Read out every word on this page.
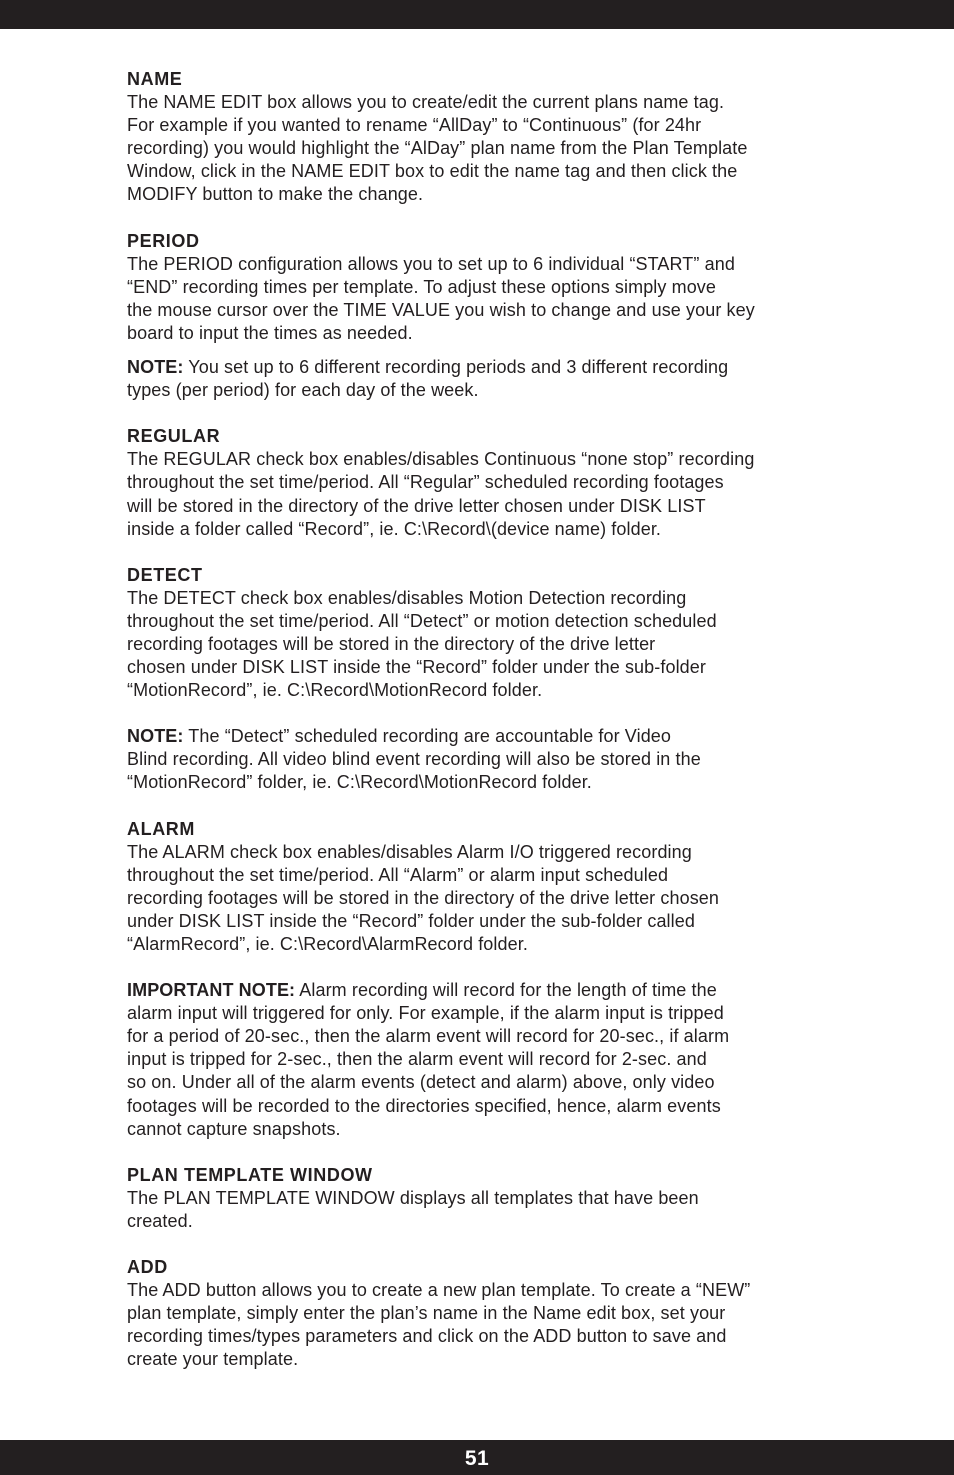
NAME
The NAME EDIT box allows you to create/edit the current plans name tag.
For example if you wanted to rename “AllDay” to “Continuous” (for 24hr
recording) you would highlight the “AlDay” plan name from the Plan Template
Window, click in the NAME EDIT box to edit the name tag and then click the
MODIFY button to make the change.
PERIOD
The PERIOD configuration allows you to set up to 6 individual “START” and
“END” recording times per template. To adjust these options simply move
the mouse cursor over the TIME VALUE you wish to change and use your key
board to input the times as needed.
NOTE: You set up to 6 different recording periods and 3 different recording
types (per period) for each day of the week.
REGULAR
The REGULAR check box enables/disables Continuous “none stop” recording
throughout the set time/period. All “Regular” scheduled recording footages
will be stored in the directory of the drive letter chosen under DISK LIST
inside a folder called “Record”, ie. C:\Record\(device name) folder.
DETECT
The DETECT check box enables/disables Motion Detection recording
throughout the set time/period. All “Detect” or motion detection scheduled
recording footages will be stored in the directory of the drive letter
chosen under DISK LIST inside the “Record” folder under the sub-folder
“MotionRecord”, ie. C:\Record\MotionRecord folder.
NOTE: The “Detect” scheduled recording are accountable for Video
Blind recording. All video blind event recording will also be stored in the
“MotionRecord” folder, ie. C:\Record\MotionRecord folder.
ALARM
The ALARM check box enables/disables Alarm I/O triggered recording
throughout the set time/period. All “Alarm” or alarm input scheduled
recording footages will be stored in the directory of the drive letter chosen
under DISK LIST inside the “Record” folder under the sub-folder called
“AlarmRecord”, ie. C:\Record\AlarmRecord folder.
IMPORTANT NOTE: Alarm recording will record for the length of time the
alarm input will triggered for only. For example, if the alarm input is tripped
for a period of 20-sec., then the alarm event will record for 20-sec., if alarm
input is tripped for 2-sec., then the alarm event will record for 2-sec. and
so on. Under all of the alarm events (detect and alarm) above, only video
footages will be recorded to the directories specified, hence, alarm events
cannot capture snapshots.
PLAN TEMPLATE WINDOW
The PLAN TEMPLATE WINDOW displays all templates that have been
created.
ADD
The ADD button allows you to create a new plan template. To create a “NEW”
plan template, simply enter the plan’s name in the Name edit box, set your
recording times/types parameters and click on the ADD button to save and
create your template.
51
